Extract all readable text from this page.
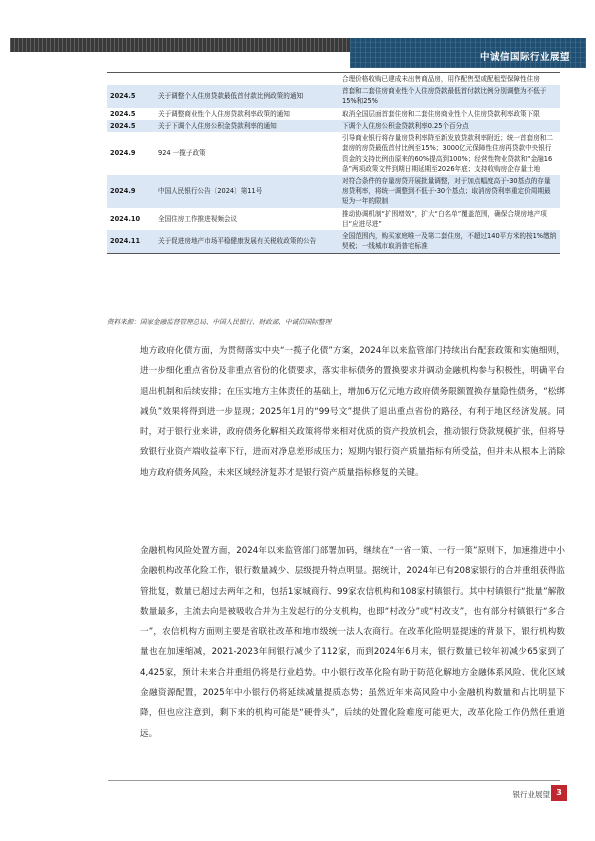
中诚信国际行业展望
		合理价格收购已建成未出售商品房，用作配售型或配租型保障性住房
2024.5	关于调整个人住房贷款最低首付款比例政策的通知	首套和二套住房商业性个人住房贷款最低首付款比例分别调整为不低于15%和25%
2024.5	关于调整商业性个人住房贷款利率政策的通知	取消全国层面首套住房和二套住房商业性个人住房贷款利率政策下限
2024.5	关于下调个人住房公积金贷款利率的通知	下调个人住房公积金贷款利率0.25个百分点
2024.9	924 一揽子政策	引导商业银行将存量房贷利率降至新发放贷款利率附近；统一首套房和二套房的房贷最低首付比例至15%；3000亿元保障性住房再贷款中央银行资金的支持比例由原来的60%提高到100%；经营性物业贷款和“金融16条”两项政策文件到期日期延期至2026年底；支持收购房企存量土地
2024.9	中国人民银行公告〔2024〕第11号	对符合条件的存量房贷开展批量调整，对于加点幅度高于-30基点的存量房贷利率，将统一调整到不低于-30个基点；取消房贷利率重定价周期最短为一年的限制
2024.10	全国住房工作推进视频会议	推动协调机制“扩围增效”，扩大“白名单”覆盖范围，确保合规房地产项目“应进尽进”
2024.11	关于促进房地产市场平稳健康发展有关税收政策的公告	全国范围内，购买家庭唯一及第二套住房，不超过140平方米的按1%缴纳契税；一线城市取消普宅标准
资料来源：国家金融监督管理总局、中国人民银行、财政部，中诚信国际整理

地方政府化债方面，为贯彻落实中央“一揽子化债”方案，2024年以来监管部门持续出台配套政策和实施细则，进一步细化重点省份及非重点省份的化债要求，落实非标债务的置换要求并调动金融机构参与积极性，明确平台退出机制和后续安排；在压实地方主体责任的基础上，增加6万亿元地方政府债务限额置换存量隐性债务，“松绑减负”效果将得到进一步显现；2025年1月的“99号文”提供了退出重点省份的路径，有利于地区经济发展。同时，对于银行业来讲，政府债务化解相关政策将带来相对优质的资产投放机会，推动银行贷款规模扩张，但将导致银行业资产端收益率下行，进而对净息差形成压力；短期内银行资产质量指标有所受益，但并未从根本上消除地方政府债务风险，未来区域经济复苏才是银行资产质量指标修复的关键。

金融机构风险处置方面，2024年以来监管部门部署加码，继续在“一省一策、一行一策”原则下，加速推进中小金融机构改革化险工作，银行数量减少、层级提升特点明显。据统计，2024年已有208家银行的合并重组获得监管批复，数量已超过去两年之和，包括1家城商行、99家农信机构和108家村镇银行。其中村镇银行“批量”解散数量最多，主流去向是被吸收合并为主发起行的分支机构，也即“村改分”或“村改支”，也有部分村镇银行“多合一”，农信机构方面则主要是省联社改革和地市级统一法人农商行。在改革化险明显提速的背景下，银行机构数量也在加速缩减，2021-2023年间银行减少了112家，而到2024年6月末，银行数量已较年初减少65家到了4,425家，预计未来合并重组仍将是行业趋势。中小银行改革化险有助于防范化解地方金融体系风险、优化区域金融资源配置，2025年中小银行仍将延续减量提质态势；虽然近年来高风险中小金融机构数量和占比明显下降，但也应注意到，剩下来的机构可能是“硬骨头”，后续的处置化险难度可能更大，改革化险工作仍然任重道远。

银行业展望 3
